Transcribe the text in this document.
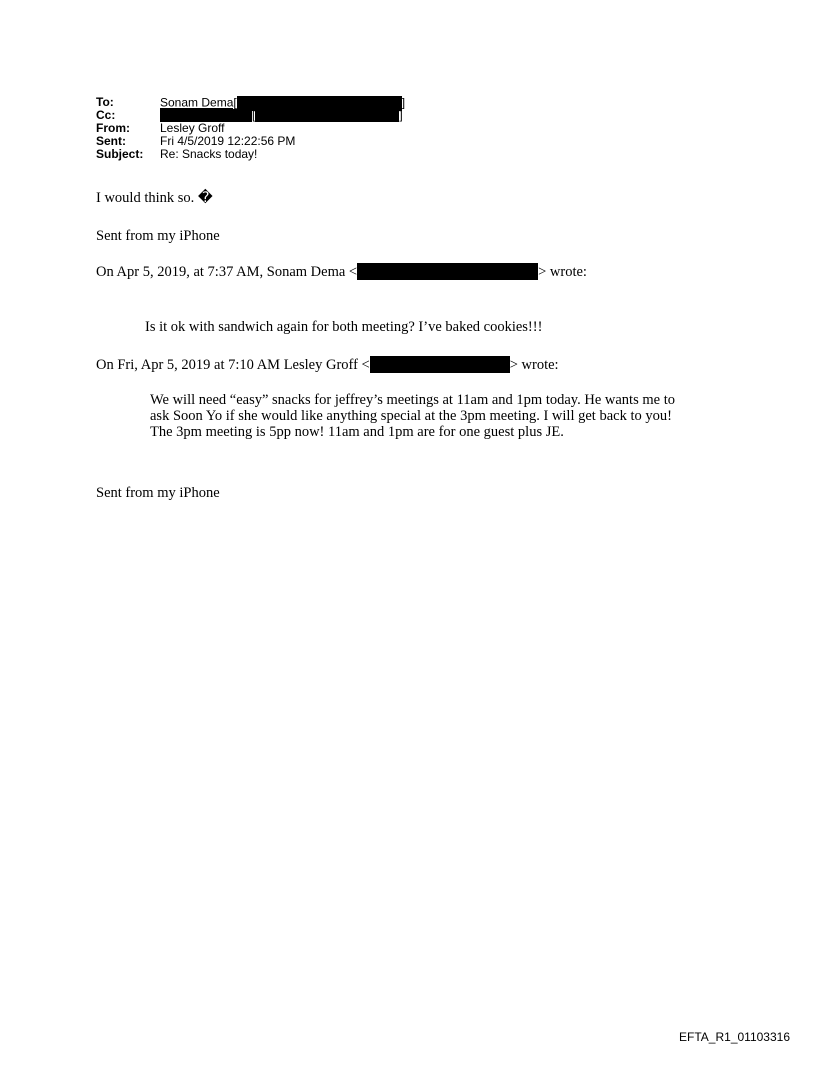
To:	Sonam Dema[	]
Cc:	[	]
From:	Lesley Groff
Sent:	Fri 4/5/2019 12:22:56 PM
Subject: Re: Snacks today!
I would think so. �
Sent from my iPhone
On Apr 5, 2019, at 7:37 AM, Sonam Dema <	> wrote:
Is it ok with sandwich again for both meeting? I’ve baked cookies!!!
On Fri, Apr 5, 2019 at 7:10 AM Lesley Groff <	> wrote:
We will need “easy” snacks for jeffrey’s meetings at 11am and 1pm today. He wants me to ask Soon Yo if she would like anything special at the 3pm meeting. I will get back to you! The 3pm meeting is 5pp now! 11am and 1pm are for one guest plus JE.
Sent from my iPhone
EFTA_R1_01103316
